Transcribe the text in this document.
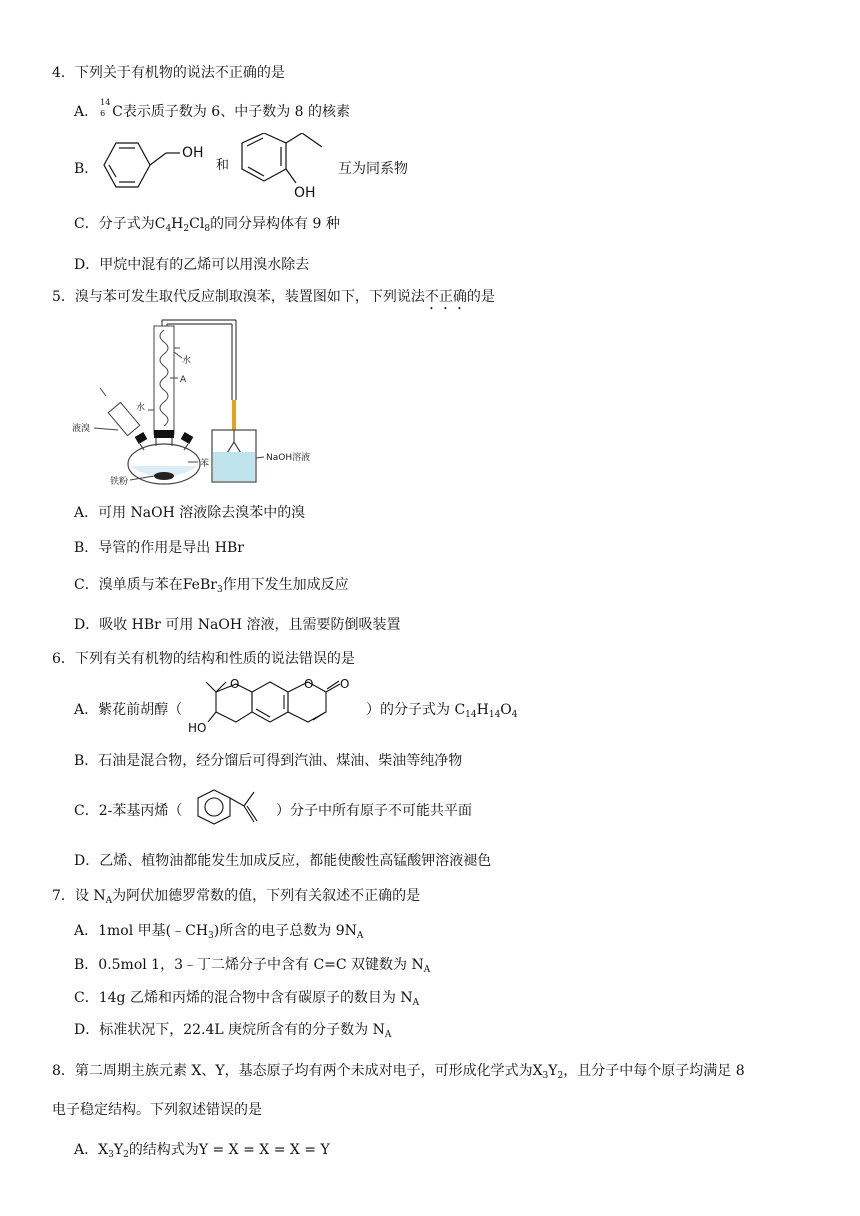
4．下列关于有机物的说法不正确的是
A．
14
6 C表示质子数为 6、中子数为 8 的核素
B．
OH
和
OH
互为同系物
C．分子式为$C_4H_2Cl_8$的同分异构体有 9 种
D．甲烷中混有的乙烯可以用溴水除去
5．溴与苯可发生取代反应制取溴苯，装置图如下，下列说法不正确的是
NaOH溶液
水
A
水
液溴
苯
铁粉
A．可用 NaOH 溶液除去溴苯中的溴
B．导管的作用是导出 HBr
C．溴单质与苯在FeBr$_3$作用下发生加成反应
D．吸收 HBr 可用 NaOH 溶液，且需要防倒吸装置
6．下列有关有机物的结构和性质的说法错误的是
A．紫花前胡醇（
O	O O
HO
）的分子式为 $C_{14}H_{14}O_4$
B．石油是混合物，经分馏后可得到汽油、煤油、柴油等纯净物
C．2-苯基丙烯（	）分子中所有原子不可能共平面
D．乙烯、植物油都能发生加成反应，都能使酸性高锰酸钾溶液褪色
7．设 $N_A$为阿伏加德罗常数的值，下列有关叙述不正确的是
A．1mol 甲基$(﹣CH_3)$所含的电子总数为 $9N_A$
B．0.5mol 1，3﹣丁二烯分子中含有 C=C 双键数为 $N_A$
C．14g 乙烯和丙烯的混合物中含有碳原子的数目为 $N_A$
D．标准状况下，22.4L 庚烷所含有的分子数为 $N_A$
8．第二周期主族元素 X、Y，基态原子均有两个未成对电子，可形成化学式为$X_3Y_2$，且分子中每个原子均满足 8
电子稳定结构。下列叙述错误的是
A．$X_3Y_2$的结构式为Y = X = X = X = Y
